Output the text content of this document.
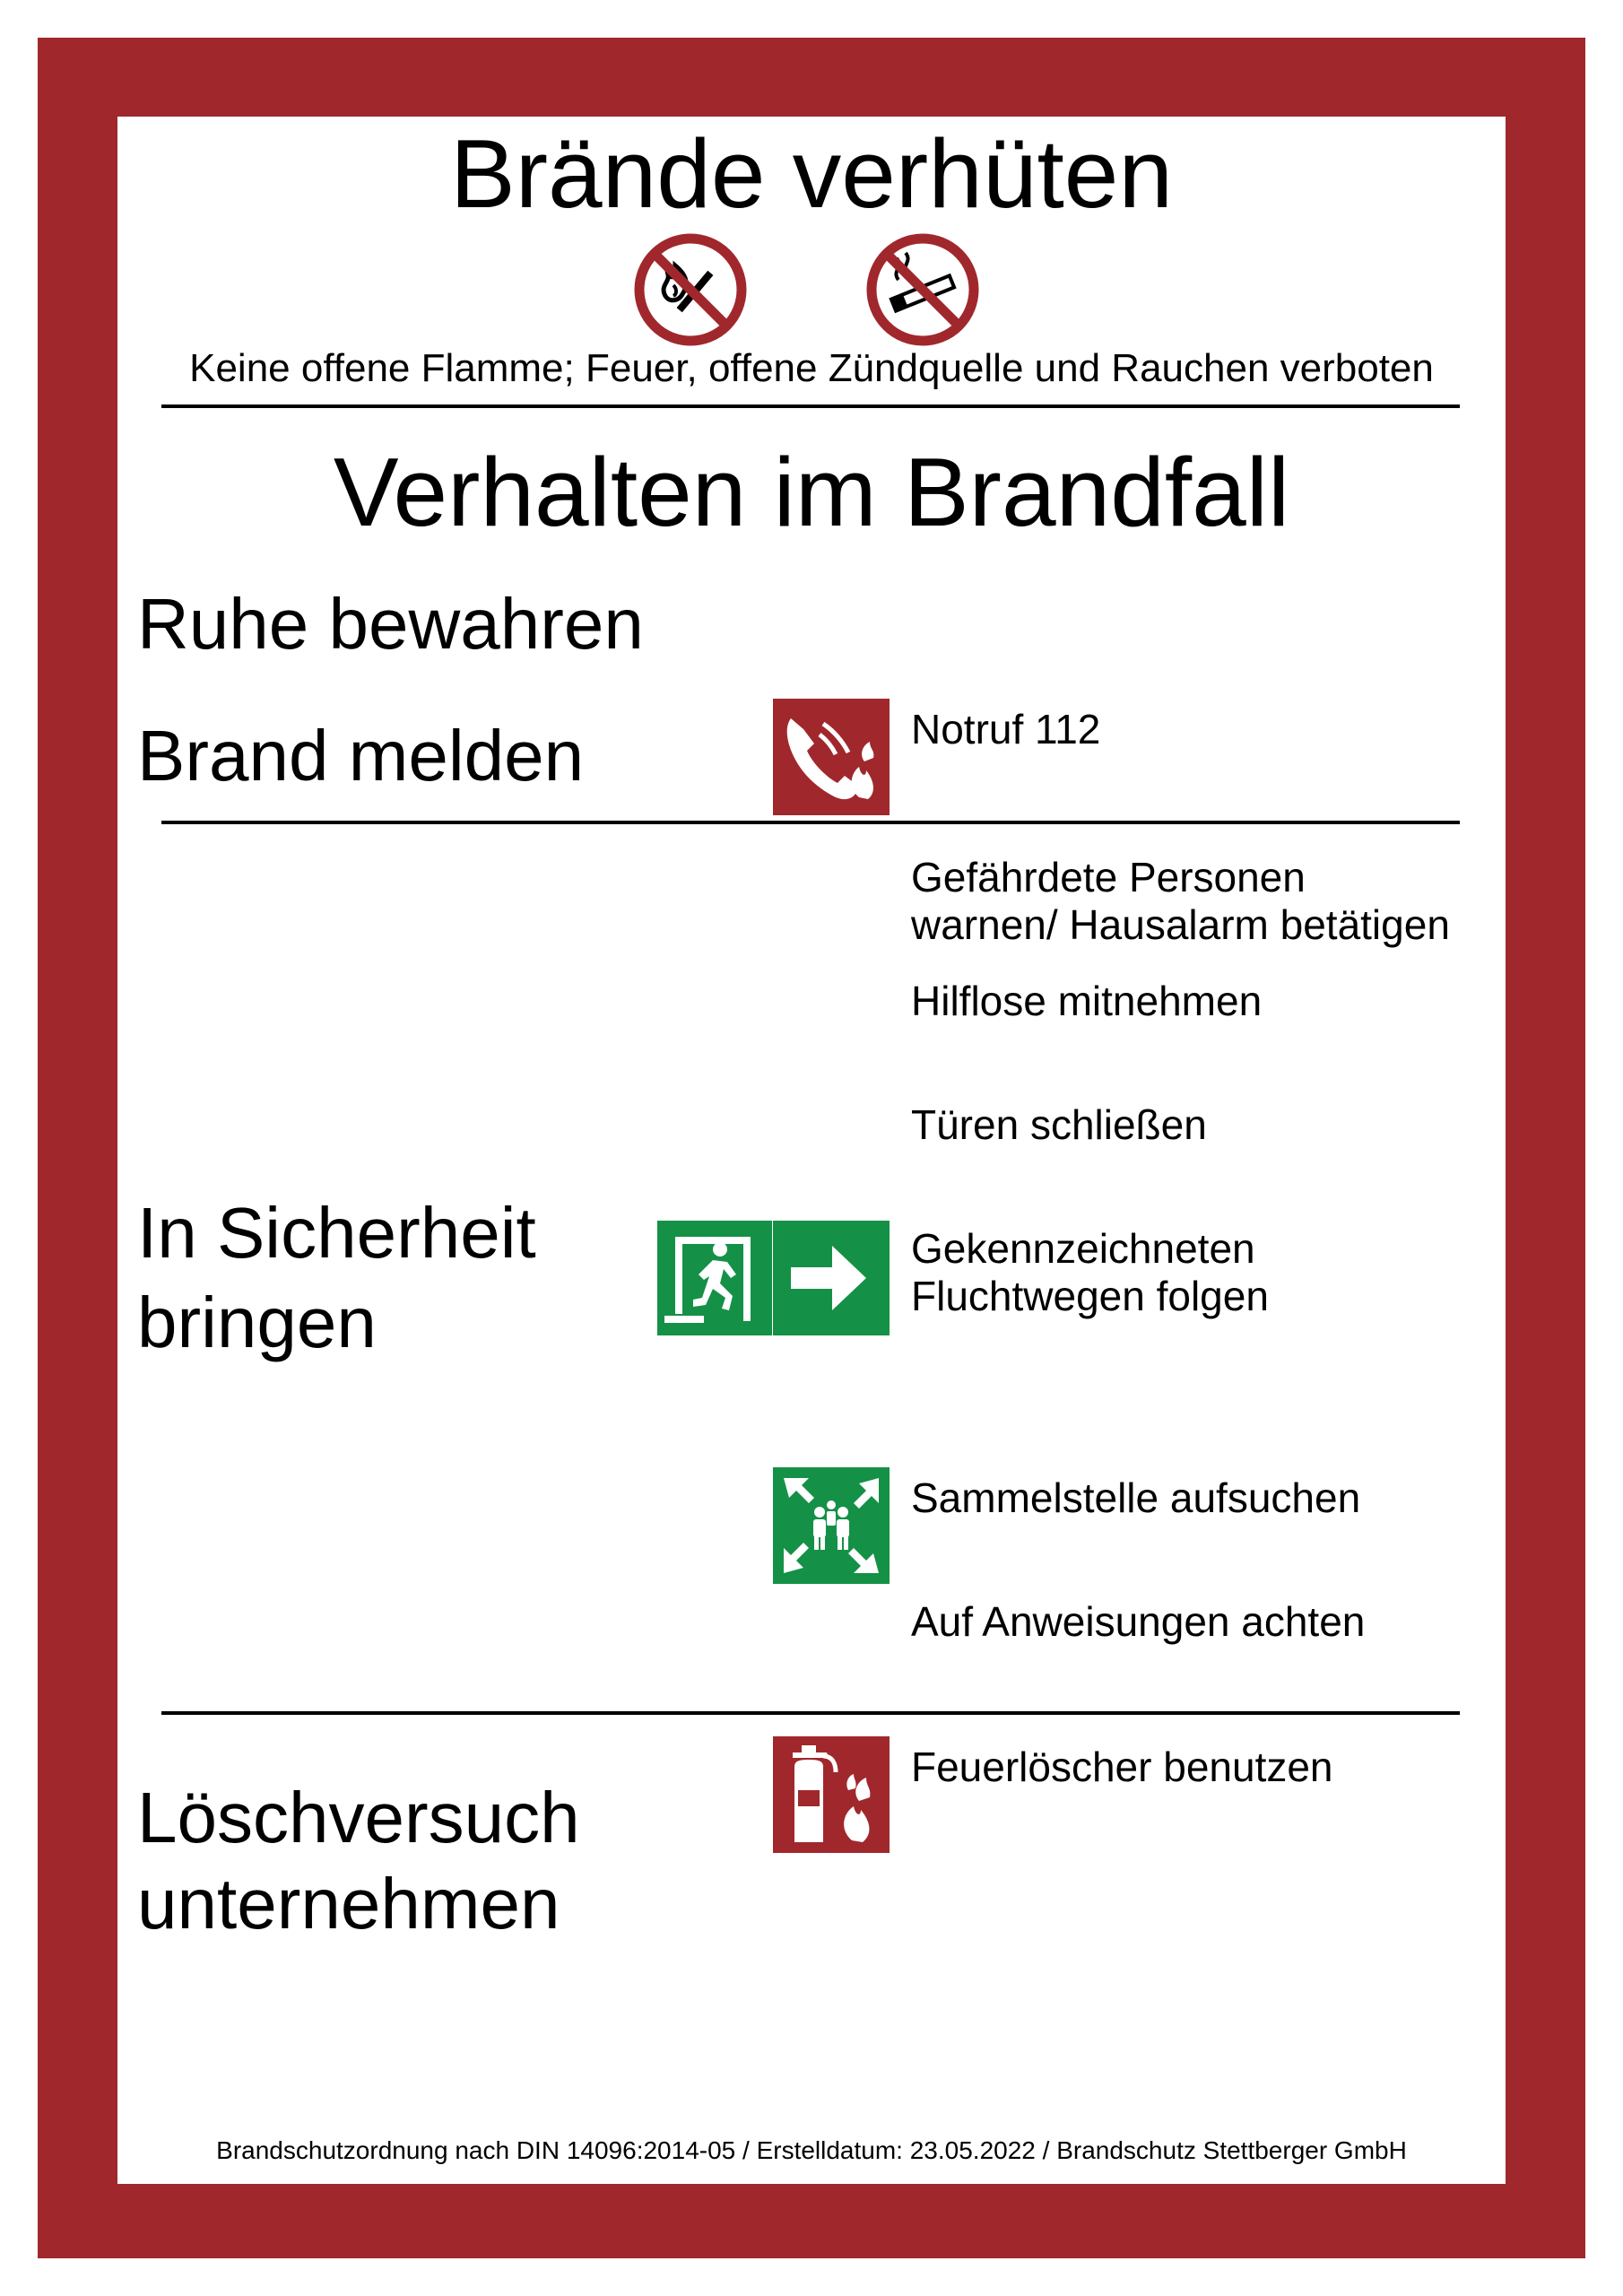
Brände verhüten
Keine offene Flamme; Feuer, offene Zündquelle und Rauchen verboten
Verhalten im Brandfall
Ruhe bewahren
Brand melden	Notruf 112
Gefährdete Personen
warnen/ Hausalarm betätigen
Hilflose mitnehmen
Türen schließen
In Sicherheit
bringen
Gekennzeichneten
Fluchtwegen folgen
Sammelstelle aufsuchen
Auf Anweisungen achten
Feuerlöscher benutzen
Löschversuch
unternehmen
Brandschutzordnung nach DIN 14096:2014-05 / Erstelldatum: 23.05.2022 / Brandschutz Stettberger GmbH
